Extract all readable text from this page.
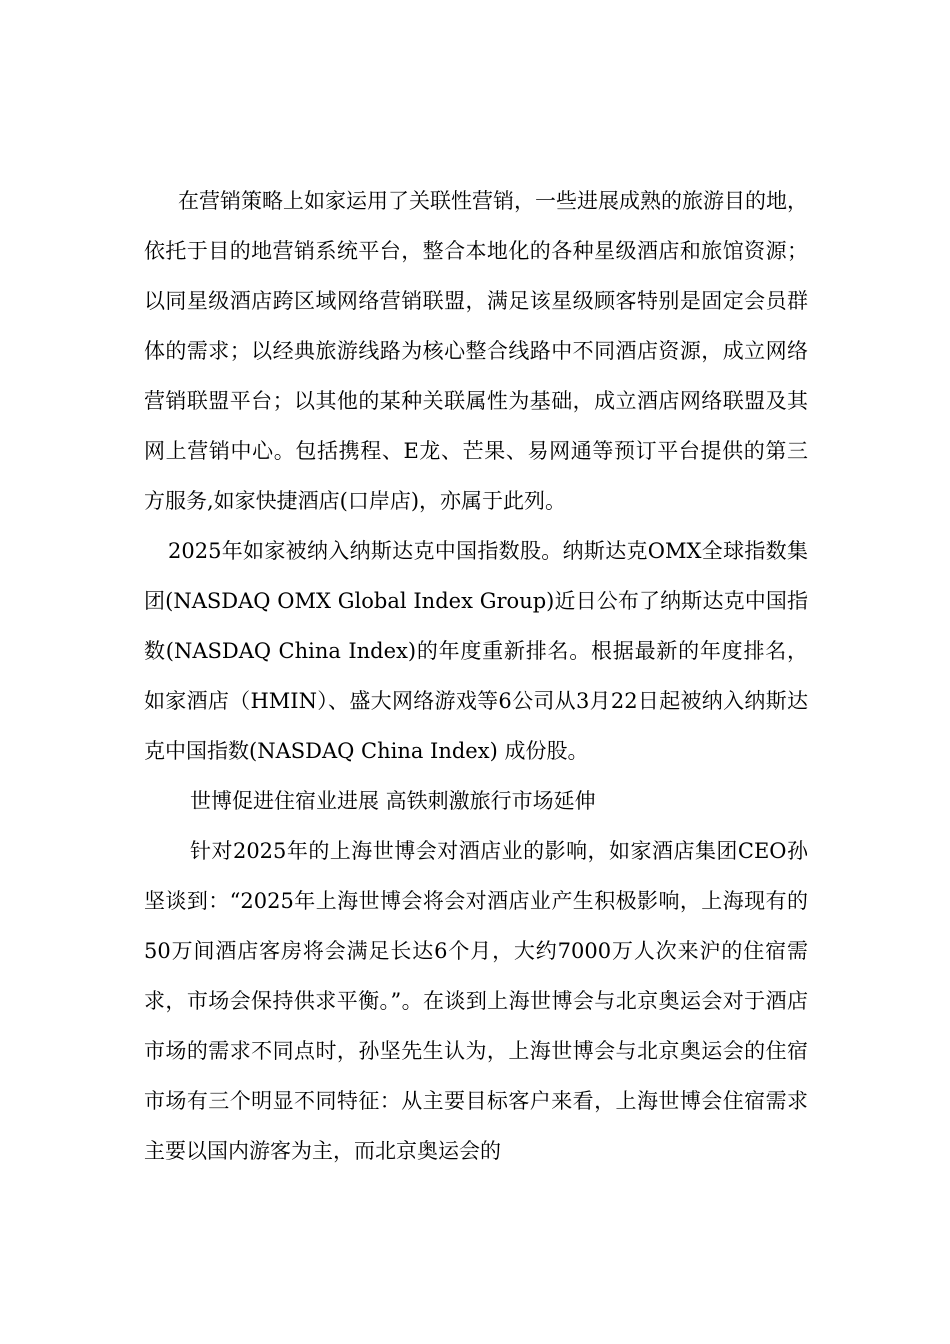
在营销策略上如家运用了关联性营销，一些进展成熟的旅游目的地，依托于目的地营销系统平台，整合本地化的各种星级酒店和旅馆资源；以同星级酒店跨区域网络营销联盟，满足该星级顾客特别是固定会员群体的需求；以经典旅游线路为核心整合线路中不同酒店资源，成立网络营销联盟平台；以其他的某种关联属性为基础，成立酒店网络联盟及其网上营销中心。包括携程、E龙、芒果、易网通等预订平台提供的第三方服务,如家快捷酒店(口岸店)，亦属于此列。

2025年如家被纳入纳斯达克中国指数股。纳斯达克OMX全球指数集团(NASDAQ OMX Global Index Group)近日公布了纳斯达克中国指数(NASDAQ China Index)的年度重新排名。根据最新的年度排名，如家酒店（HMIN）、盛大网络游戏等6公司从3月22日起被纳入纳斯达克中国指数(NASDAQ China Index) 成份股。

世博促进住宿业进展 高铁刺激旅行市场延伸

针对2025年的上海世博会对酒店业的影响，如家酒店集团CEO孙坚谈到：“2025年上海世博会将会对酒店业产生积极影响，上海现有的50万间酒店客房将会满足长达6个月，大约7000万人次来沪的住宿需求，市场会保持供求平衡。”。在谈到上海世博会与北京奥运会对于酒店市场的需求不同点时，孙坚先生认为，上海世博会与北京奥运会的住宿市场有三个明显不同特征：从主要目标客户来看，上海世博会住宿需求主要以国内游客为主，而北京奥运会的
